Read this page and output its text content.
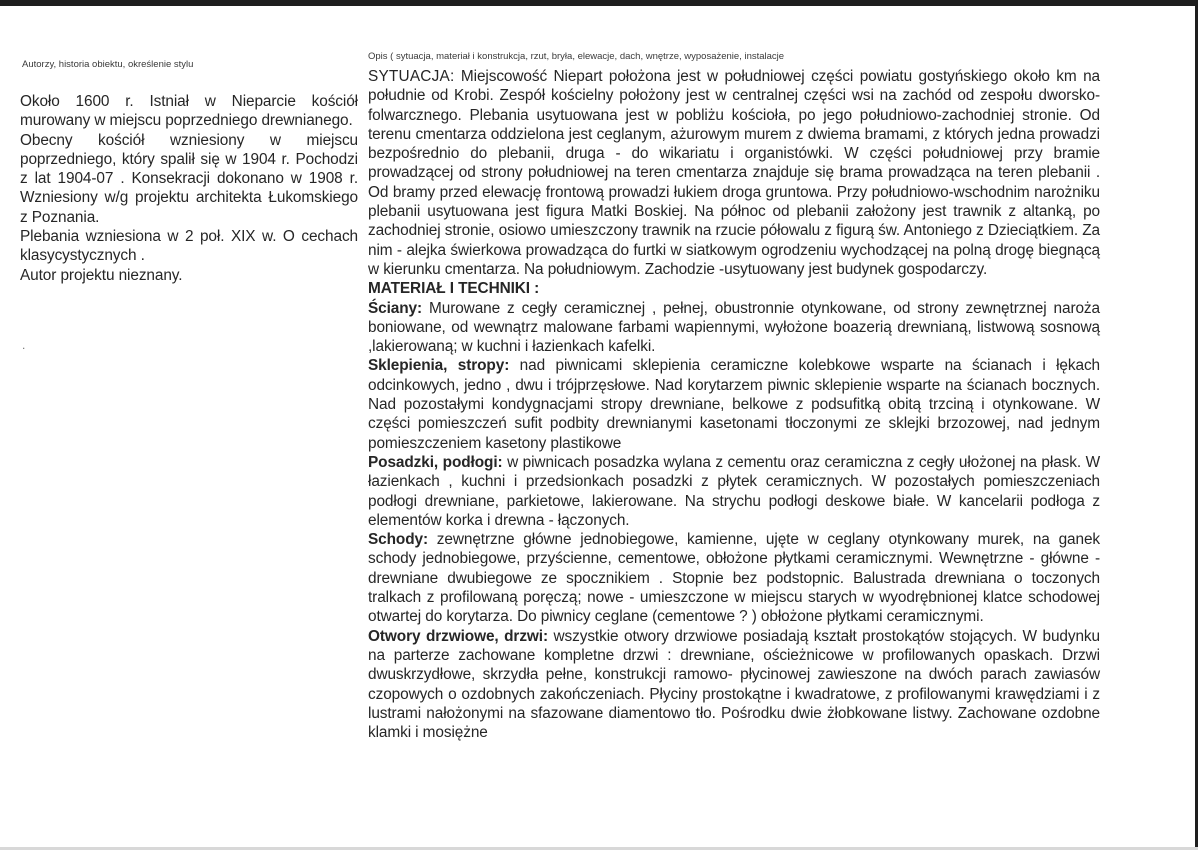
Autorzy, historia obiektu, określenie stylu

Około 1600 r. Istniał w Nieparcie kościół murowany w miejscu poprzedniego drewnianego.

Obecny kościół wzniesiony w miejscu poprzedniego, który spalił się w 1904 r. Pochodzi z lat 1904-07 . Konsekracji dokonano w 1908 r. Wzniesiony w/g projektu architekta Łukomskiego z Poznania.

Plebania wzniesiona w 2 poł. XIX w. O cechach klasycystycznych .

Autor projektu nieznany.

.
Opis ( sytuacja, materiał i konstrukcja, rzut, bryła, elewacje, dach, wnętrze, wyposażenie, instalacje

SYTUACJA: Miejscowość Niepart położona jest w południowej części powiatu gostyńskiego około km na południe od Krobi. Zespół kościelny położony jest w centralnej części wsi na zachód od zespołu dworsko- folwarcznego. Plebania usytuowana jest w pobliżu kościoła, po jego południowo-zachodniej stronie. Od terenu cmentarza oddzielona jest ceglanym, ażurowym murem z dwiema bramami, z których jedna prowadzi bezpośrednio do plebanii, druga - do wikariatu i organistówki. W części południowej przy bramie prowadzącej od strony południowej na teren cmentarza znajduje się brama prowadząca na teren plebanii . Od bramy przed elewację frontową prowadzi łukiem droga gruntowa. Przy południowo-wschodnim narożniku plebanii usytuowana jest figura Matki Boskiej. Na północ od plebanii założony jest trawnik z altanką, po zachodniej stronie, osiowo umieszczony trawnik na rzucie półowalu z figurą św. Antoniego z Dzieciątkiem. Za nim - alejka świerkowa prowadząca do furtki w siatkowym ogrodzeniu wychodzącej na polną drogę biegnącą w kierunku cmentarza. Na południowym. Zachodzie -usytuowany jest budynek gospodarczy.

MATERIAŁ I TECHNIKI :

Ściany: Murowane z cegły ceramicznej , pełnej, obustronnie otynkowane, od strony zewnętrznej naroża boniowane, od wewnątrz malowane farbami wapiennymi, wyłożone boazerią drewnianą, listwową sosnową ,lakierowaną; w kuchni i łazienkach kafelki.

Sklepienia, stropy: nad piwnicami sklepienia ceramiczne kolebkowe wsparte na ścianach i łękach odcinkowych, jedno , dwu i trójprzęsłowe. Nad korytarzem piwnic sklepienie wsparte na ścianach bocznych. Nad pozostałymi kondygnacjami stropy drewniane, belkowe z podsufitką obitą trzciną i otynkowane. W części pomieszczeń sufit podbity drewnianymi kasetonami tłoczonymi ze sklejki brzozowej, nad jednym pomieszczeniem kasetony plastikowe

Posadzki, podłogi: w piwnicach posadzka wylana z cementu oraz ceramiczna z cegły ułożonej na płask. W łazienkach , kuchni i przedsionkach posadzki z płytek ceramicznych. W pozostałych pomieszczeniach podłogi drewniane, parkietowe, lakierowane. Na strychu podłogi deskowe białe. W kancelarii podłoga z elementów korka i drewna - łączonych.

Schody: zewnętrzne główne jednobiegowe, kamienne, ujęte w ceglany otynkowany murek, na ganek schody jednobiegowe, przyścienne, cementowe, obłożone płytkami ceramicznymi. Wewnętrzne - główne - drewniane dwubiegowe ze spocznikiem . Stopnie bez podstopnic. Balustrada drewniana o toczonych tralkach z profilowaną poręczą; nowe - umieszczone w miejscu starych w wyodrębnionej klatce schodowej otwartej do korytarza. Do piwnicy ceglane (cementowe ? ) obłożone płytkami ceramicznymi.

Otwory drzwiowe, drzwi: wszystkie otwory drzwiowe posiadają kształt prostokątów stojących. W budynku na parterze zachowane kompletne drzwi : drewniane, ościeżnicowe w profilowanych opaskach. Drzwi dwuskrzydłowe, skrzydła pełne, konstrukcji ramowo- płycinowej zawieszone na dwóch parach zawiasów czopowych o ozdobnych zakończeniach. Płyciny prostokątne i kwadratowe, z profilowanymi krawędziami i z lustrami nałożonymi na sfazowane diamentowo tło. Pośrodku dwie żłobkowane listwy. Zachowane ozdobne klamki i mosiężne
